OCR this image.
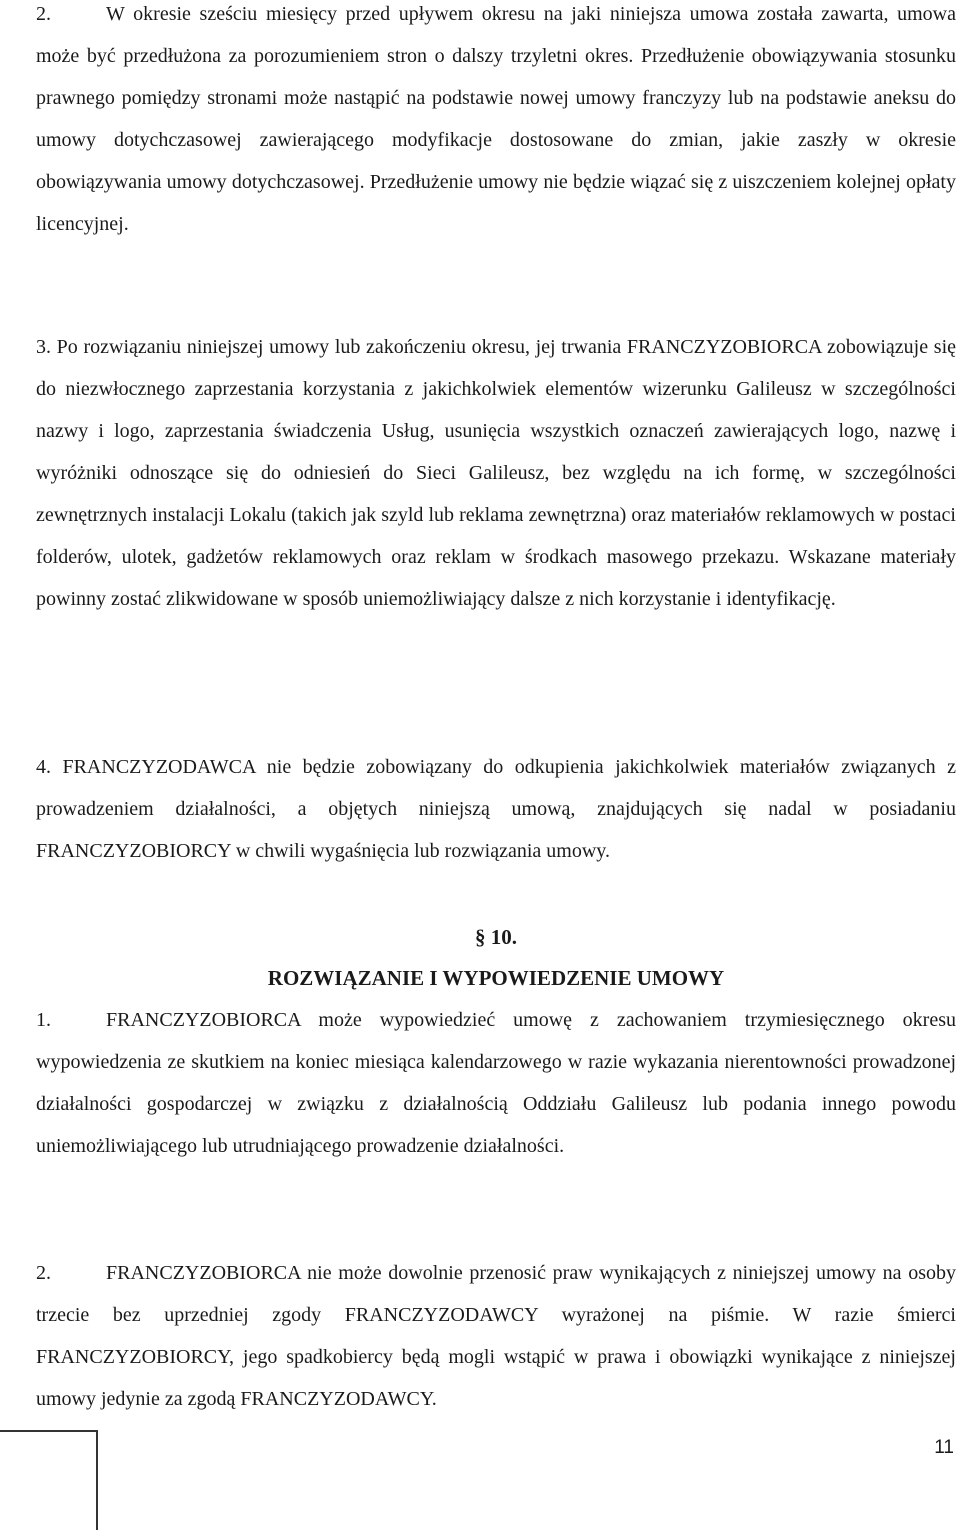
2.	W okresie sześciu miesięcy przed upływem okresu na jaki niniejsza umowa została zawarta, umowa może być przedłużona za porozumieniem stron o dalszy trzyletni okres. Przedłużenie obowiązywania stosunku prawnego pomiędzy stronami może nastąpić na podstawie nowej umowy franczyzy lub na podstawie aneksu do umowy dotychczasowej zawierającego modyfikacje dostosowane do zmian, jakie zaszły w okresie obowiązywania umowy dotychczasowej. Przedłużenie umowy nie będzie wiązać się z uiszczeniem kolejnej opłaty licencyjnej.

3. Po rozwiązaniu niniejszej umowy lub zakończeniu okresu, jej trwania FRANCZYZOBIORCA zobowiązuje się do niezwłocznego zaprzestania korzystania z jakichkolwiek elementów wizerunku Galileusz w szczególności nazwy i logo, zaprzestania świadczenia Usług, usunięcia wszystkich oznaczeń zawierających logo, nazwę i wyróżniki odnoszące się do odniesień do Sieci Galileusz, bez względu na ich formę, w szczególności zewnętrznych instalacji Lokalu (takich jak szyld lub reklama zewnętrzna) oraz materiałów reklamowych w postaci folderów, ulotek, gadżetów reklamowych oraz reklam w środkach masowego przekazu. Wskazane materiały powinny zostać zlikwidowane w sposób uniemożliwiający dalsze z nich korzystanie i identyfikację.

4. FRANCZYZODAWCA nie będzie zobowiązany do odkupienia jakichkolwiek materiałów związanych z prowadzeniem działalności, a objętych niniejszą umową, znajdujących się nadal w posiadaniu FRANCZYZOBIORCY w chwili wygaśnięcia lub rozwiązania umowy.

§ 10.

ROZWIĄZANIE I WYPOWIEDZENIE UMOWY

1.	FRANCZYZOBIORCA może wypowiedzieć umowę z zachowaniem trzymiesięcznego okresu wypowiedzenia ze skutkiem na koniec miesiąca kalendarzowego w razie wykazania nierentowności prowadzonej działalności gospodarczej w związku z działalnością Oddziału Galileusz lub podania innego powodu uniemożliwiającego lub utrudniającego prowadzenie działalności.

2.	FRANCZYZOBIORCA nie może dowolnie przenosić praw wynikających z niniejszej umowy na osoby trzecie bez uprzedniej zgody FRANCZYZODAWCY wyrażonej na piśmie. W razie śmierci FRANCZYZOBIORCY, jego spadkobiercy będą mogli wstąpić w prawa i obowiązki wynikające z niniejszej umowy jedynie za zgodą FRANCZYZODAWCY.

11
